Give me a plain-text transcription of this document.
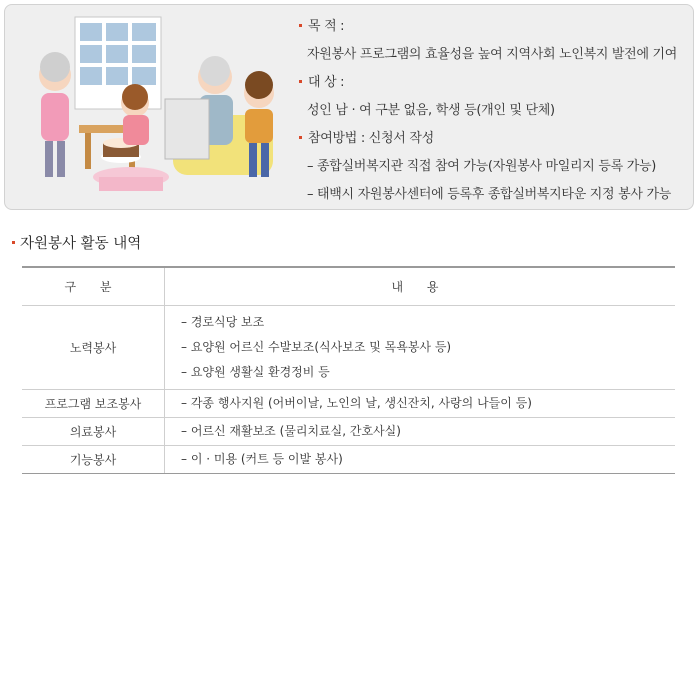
목 적 :
자원봉사 프로그램의 효율성을 높여 지역사회 노인복지 발전에 기여
대 상 :
성인 남 · 여 구분 없음, 학생 등(개인 및 단체)
참여방법 : 신청서 작성
– 종합실버복지관 직접 참여 가능(자원봉사 마일리지 등록 가능)
– 태백시 자원봉사센터에 등록후 종합실버복지타운 지정 봉사 가능
자원봉사 활동 내역
구 분	내 용
노력봉사	– 경로식당 보조
– 요양원 어르신 수발보조(식사보조 및 목욕봉사 등)
– 요양원 생활실 환경정비 등

프로그램 보조봉사	– 각종 행사지원 (어버이날, 노인의 날, 생신잔치, 사랑의 나들이 등)

의료봉사	– 어르신 재활보조 (물리치료실, 간호사실)

기능봉사	– 이 · 미용 (커트 등 이발 봉사)
